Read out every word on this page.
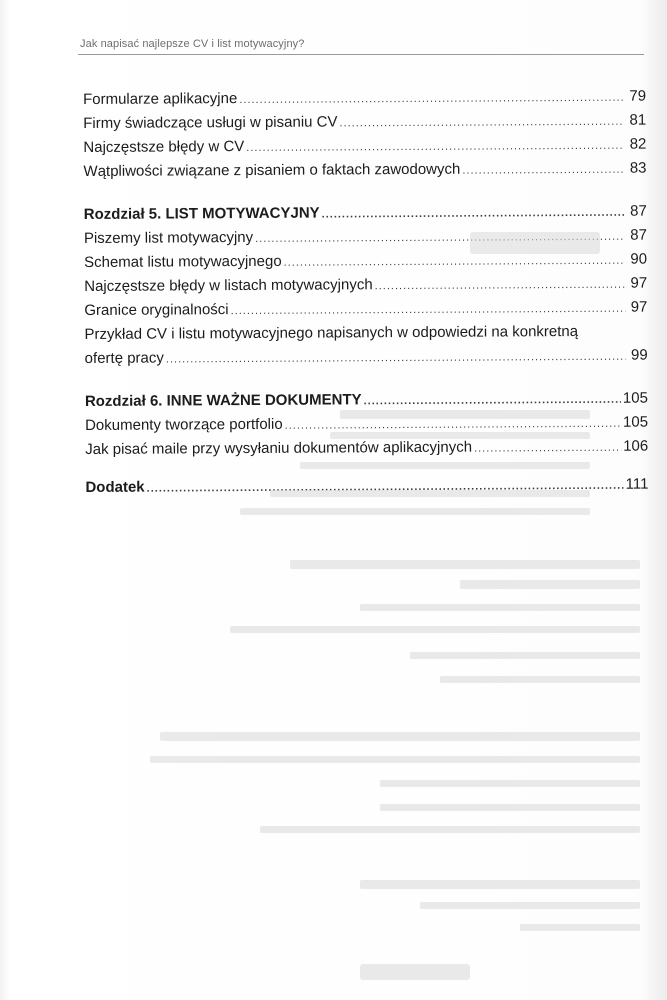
Jak napisać najlepsze CV i list motywacyjny?
Formularze aplikacyjne .....	79
Firmy świadczące usługi w pisaniu CV .....	81
Najczęstsze błędy w CV .....	82
Wątpliwości związane z pisaniem o faktach zawodowych .....	83
Rozdział 5. LIST MOTYWACYJNY .....	87
Piszemy list motywacyjny .....	87
Schemat listu motywacyjnego .....	90
Najczęstsze błędy w listach motywacyjnych .....	97
Granice oryginalności .....	97
Przykład CV i listu motywacyjnego napisanych w odpowiedzi na konkretną
ofertę pracy .....	99
Rozdział 6. INNE WAŻNE DOKUMENTY .....	105
Dokumenty tworzące portfolio .....	105
Jak pisać maile przy wysyłaniu dokumentów aplikacyjnych .....	106
Dodatek .....	111
